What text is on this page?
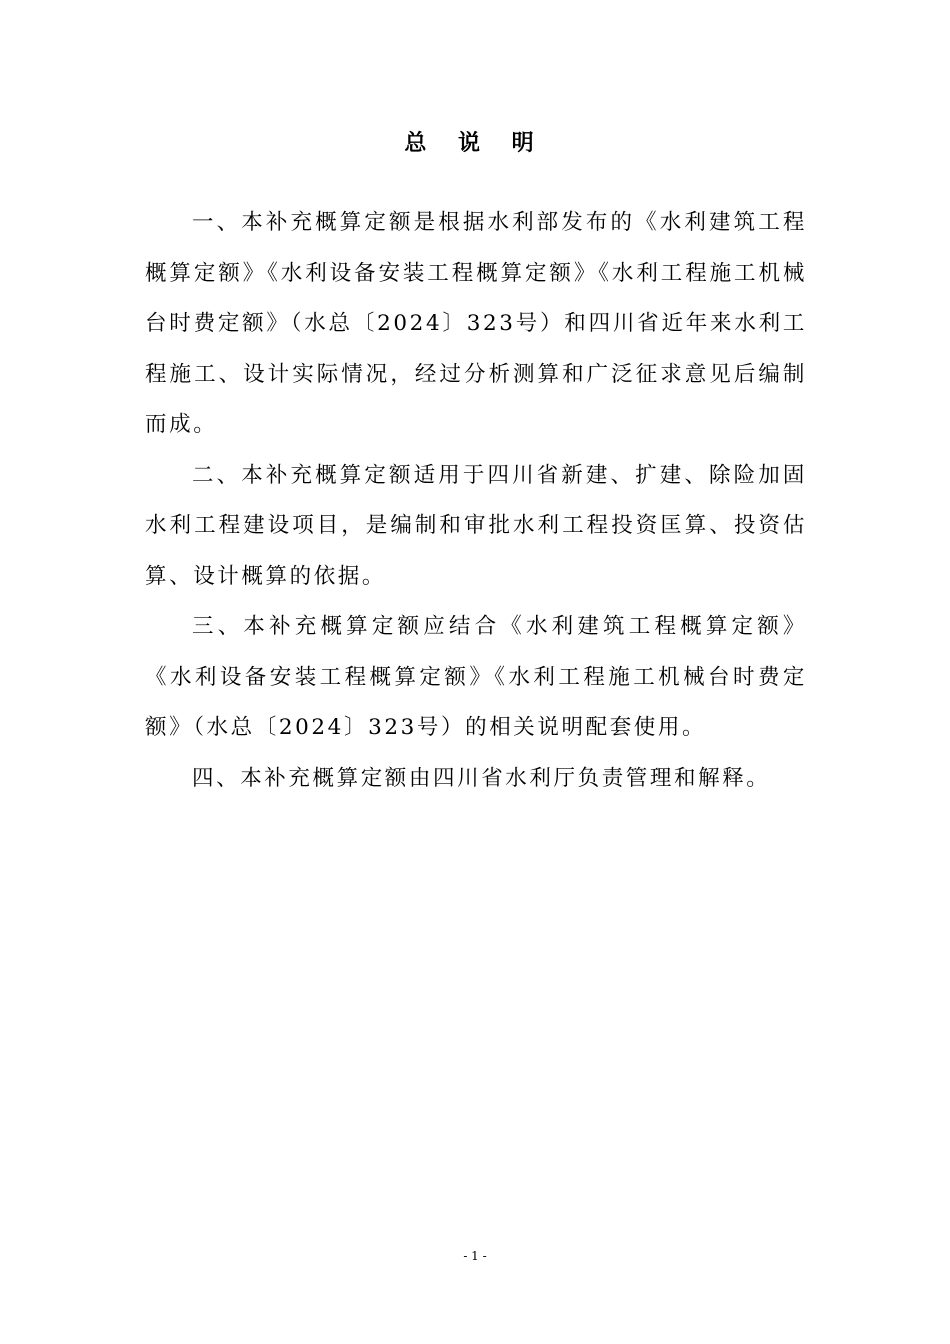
总 说 明

一、本补充概算定额是根据水利部发布的《水利建筑工程概算定额》《水利设备安装工程概算定额》《水利工程施工机械台时费定额》（水总〔2024〕323号）和四川省近年来水利工程施工、设计实际情况，经过分析测算和广泛征求意见后编制而成。

二、本补充概算定额适用于四川省新建、扩建、除险加固水利工程建设项目，是编制和审批水利工程投资匡算、投资估算、设计概算的依据。

三、本补充概算定额应结合《水利建筑工程概算定额》《水利设备安装工程概算定额》《水利工程施工机械台时费定额》（水总〔2024〕323号）的相关说明配套使用。

四、本补充概算定额由四川省水利厅负责管理和解释。

- 1 -
